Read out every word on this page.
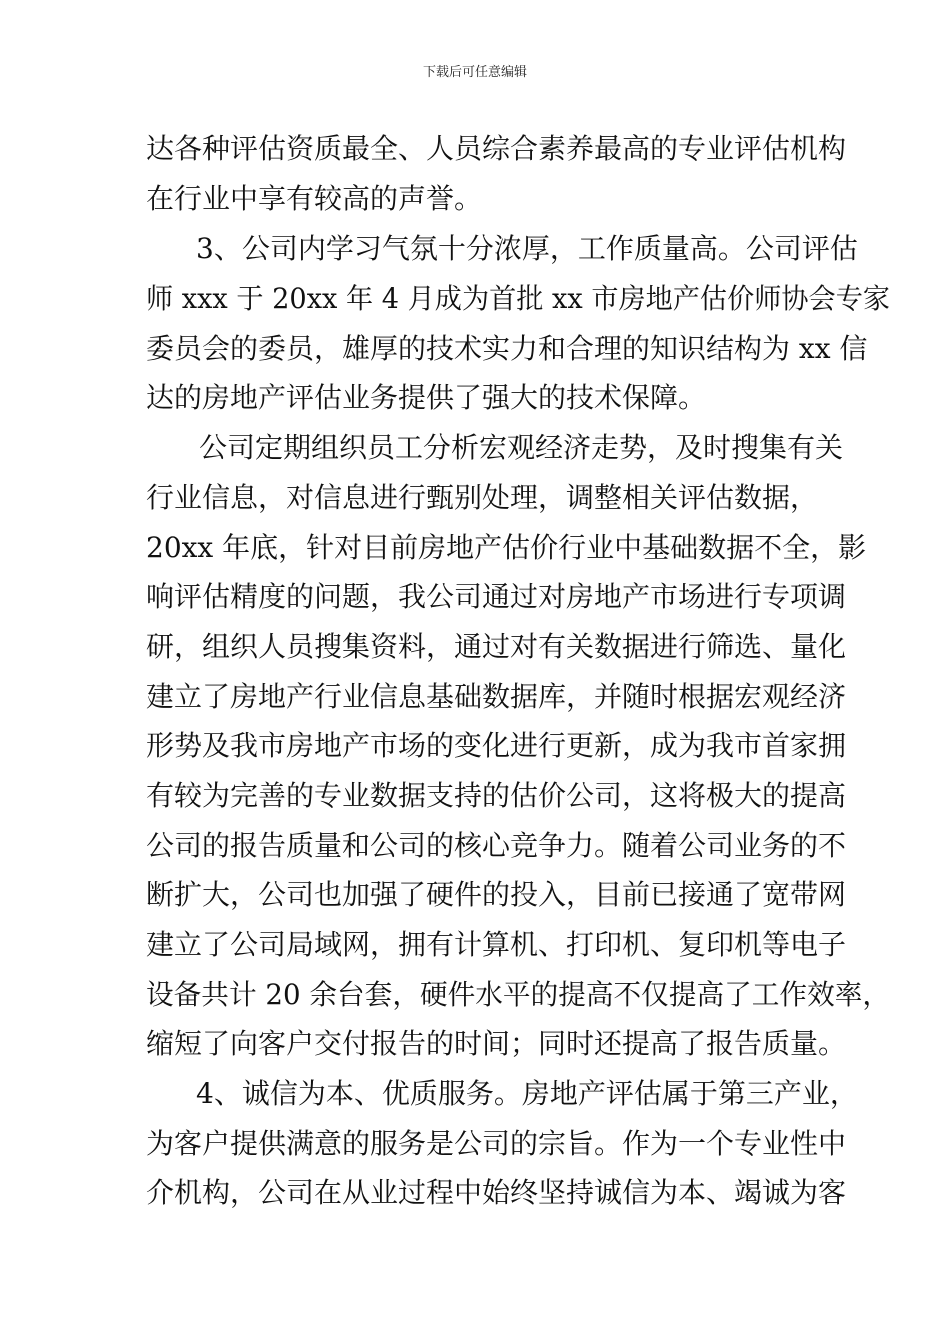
下载后可任意编辑
达各种评估资质最全、人员综合素养最高的专业评估机构
在行业中享有较高的声誉。
3、公司内学习气氛十分浓厚，工作质量高。公司评估
师 xxx 于 20xx 年 4 月成为首批 xx 市房地产估价师协会专家
委员会的委员，雄厚的技术实力和合理的知识结构为 xx 信
达的房地产评估业务提供了强大的技术保障。
公司定期组织员工分析宏观经济走势，及时搜集有关
行业信息，对信息进行甄别处理，调整相关评估数据，
20xx 年底，针对目前房地产估价行业中基础数据不全，影
响评估精度的问题，我公司通过对房地产市场进行专项调
研，组织人员搜集资料，通过对有关数据进行筛选、量化
建立了房地产行业信息基础数据库，并随时根据宏观经济
形势及我市房地产市场的变化进行更新，成为我市首家拥
有较为完善的专业数据支持的估价公司，这将极大的提高
公司的报告质量和公司的核心竞争力。随着公司业务的不
断扩大，公司也加强了硬件的投入，目前已接通了宽带网
建立了公司局域网，拥有计算机、打印机、复印机等电子
设备共计 20 余台套，硬件水平的提高不仅提高了工作效率，
缩短了向客户交付报告的时间；同时还提高了报告质量。
4、诚信为本、优质服务。房地产评估属于第三产业，
为客户提供满意的服务是公司的宗旨。作为一个专业性中
介机构，公司在从业过程中始终坚持诚信为本、竭诚为客
